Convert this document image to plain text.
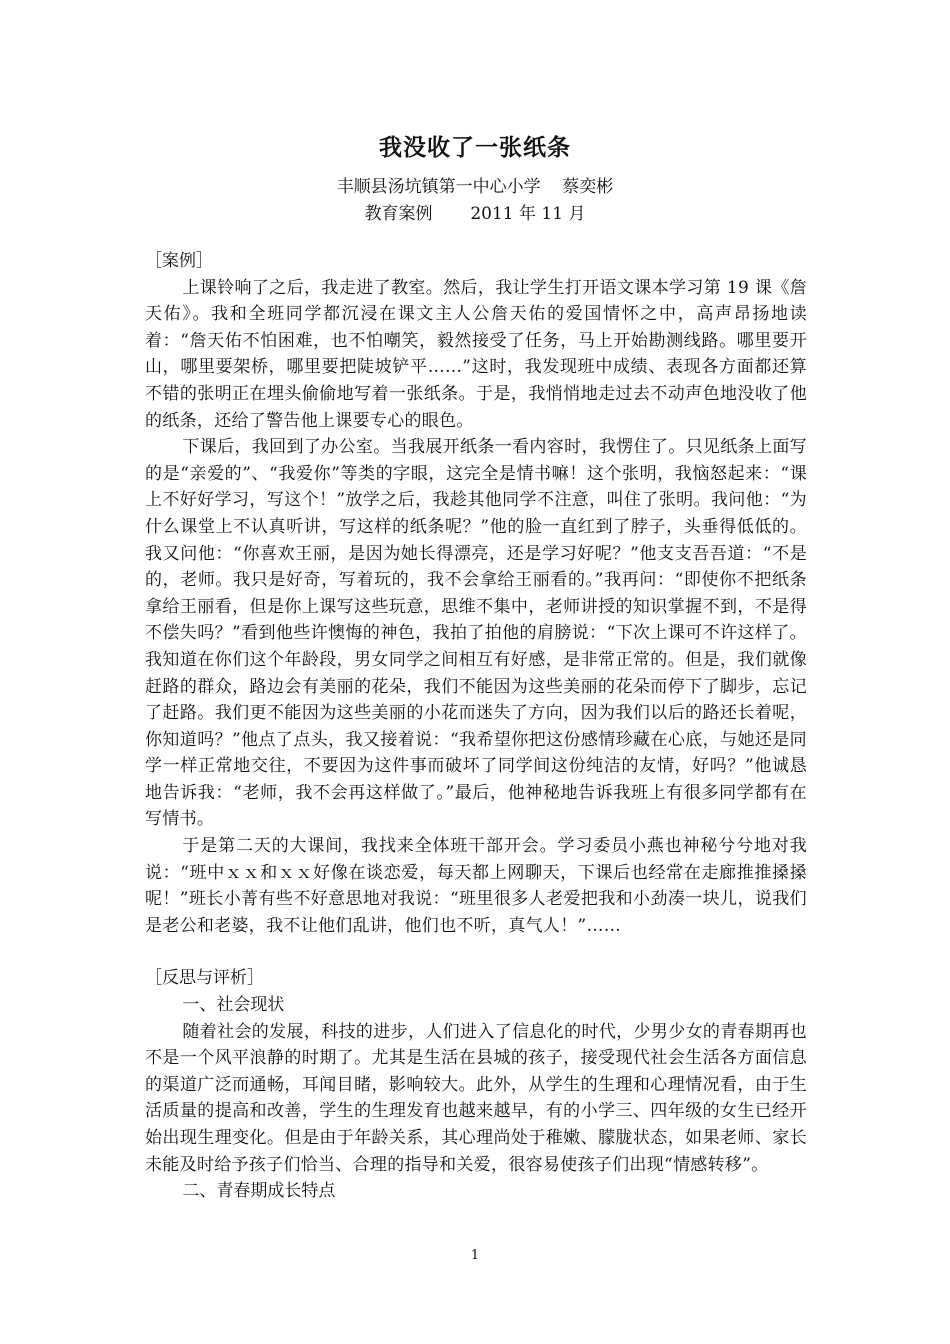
我没收了一张纸条
丰顺县汤坑镇第一中心小学    蔡奕彬
教育案例       2011 年 11 月

［案例］

上课铃响了之后，我走进了教室。然后，我让学生打开语文课本学习第 19 课《詹天佑》。我和全班同学都沉浸在课文主人公詹天佑的爱国情怀之中，高声昂扬地读着：“詹天佑不怕困难，也不怕嘲笑，毅然接受了任务，马上开始勘测线路。哪里要开山，哪里要架桥，哪里要把陡坡铲平……”这时，我发现班中成绩、表现各方面都还算不错的张明正在埋头偷偷地写着一张纸条。于是，我悄悄地走过去不动声色地没收了他的纸条，还给了警告他上课要专心的眼色。

下课后，我回到了办公室。当我展开纸条一看内容时，我愣住了。只见纸条上面写的是“亲爱的”、“我爱你”等类的字眼，这完全是情书嘛！这个张明，我恼怒起来：“课上不好好学习，写这个！”放学之后，我趁其他同学不注意，叫住了张明。我问他：“为什么课堂上不认真听讲，写这样的纸条呢？”他的脸一直红到了脖子，头垂得低低的。我又问他：“你喜欢王丽，是因为她长得漂亮，还是学习好呢？”他支支吾吾道：“不是的，老师。我只是好奇，写着玩的，我不会拿给王丽看的。”我再问：“即使你不把纸条拿给王丽看，但是你上课写这些玩意，思维不集中，老师讲授的知识掌握不到，不是得不偿失吗？”看到他些许懊悔的神色，我拍了拍他的肩膀说：“下次上课可不许这样了。我知道在你们这个年龄段，男女同学之间相互有好感，是非常正常的。但是，我们就像赶路的群众，路边会有美丽的花朵，我们不能因为这些美丽的花朵而停下了脚步，忘记了赶路。我们更不能因为这些美丽的小花而迷失了方向，因为我们以后的路还长着呢，你知道吗？”他点了点头，我又接着说：“我希望你把这份感情珍藏在心底，与她还是同学一样正常地交往，不要因为这件事而破坏了同学间这份纯洁的友情，好吗？”他诚恳地告诉我：“老师，我不会再这样做了。”最后，他神秘地告诉我班上有很多同学都有在写情书。

于是第二天的大课间，我找来全体班干部开会。学习委员小燕也神秘兮兮地对我说：“班中ｘｘ和ｘｘ好像在谈恋爱，每天都上网聊天，下课后也经常在走廊推推搡搡呢！”班长小菁有些不好意思地对我说：“班里很多人老爱把我和小劲凑一块儿，说我们是老公和老婆，我不让他们乱讲，他们也不听，真气人！”……

［反思与评析］

一、社会现状

随着社会的发展，科技的进步，人们进入了信息化的时代，少男少女的青春期再也不是一个风平浪静的时期了。尤其是生活在县城的孩子，接受现代社会生活各方面信息的渠道广泛而通畅，耳闻目睹，影响较大。此外，从学生的生理和心理情况看，由于生活质量的提高和改善，学生的生理发育也越来越早，有的小学三、四年级的女生已经开始出现生理变化。但是由于年龄关系，其心理尚处于稚嫩、朦胧状态，如果老师、家长未能及时给予孩子们恰当、合理的指导和关爱，很容易使孩子们出现“情感转移”。

二、青春期成长特点

1
